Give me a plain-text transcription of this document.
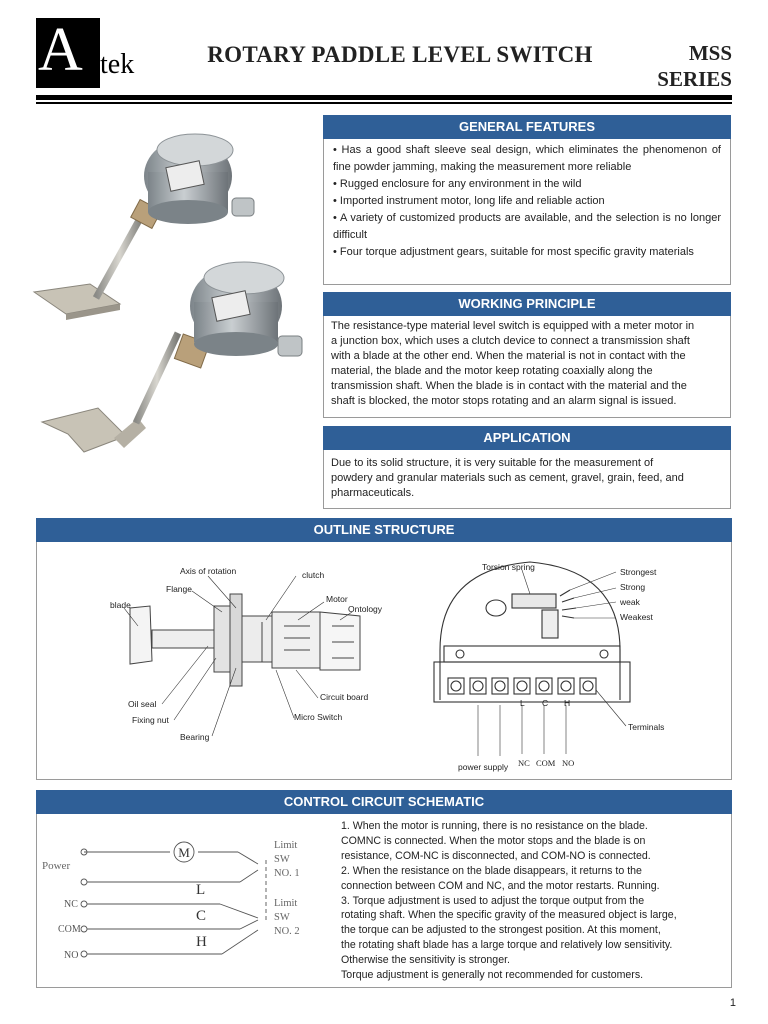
A tek	ROTARY PADDLE LEVEL SWITCH	MSS
SERIES
GENERAL FEATURES
• Has a good shaft sleeve seal design, which eliminates the phenomenon of fine powder jamming, making the measurement more reliable
• Rugged enclosure for any environment in the wild
• Imported instrument motor, long life and reliable action
• A variety of customized products are available, and the selection is no longer difficult
• Four torque adjustment gears, suitable for most specific gravity materials
WORKING PRINCIPLE
The resistance-type material level switch is equipped with a meter motor in
a junction box, which uses a clutch device to connect a transmission shaft
with a blade at the other end. When the material is not in contact with the
material, the blade and the motor keep rotating coaxially along the
transmission shaft. When the blade is in contact with the material and the
shaft is blocked, the motor stops rotating and an alarm signal is issued.
APPLICATION
Due to its solid structure, it is very suitable for the measurement of
powdery and granular materials such as cement, gravel, grain, feed, and
pharmaceuticals.
OUTLINE STRUCTURE
Axis of rotation	clutch
Flange
Motor
blade	Ontology
Oil seal
Circuit board
Fixing nut	Micro Switch
Bearing
Torsion spring	Strongest
Strong
weak
Weakest
L C H
Terminals
power supply NC COM NO
CONTROL CIRCUIT SCHEMATIC
M
Power
NC
COM
NO
L
C
H
Limit
SW
NO. 1
Limit
SW
NO. 2
1. When the motor is running, there is no resistance on the blade.
COMNC is connected. When the motor stops and the blade is on
resistance, COM-NC is disconnected, and COM-NO is connected.
2. When the resistance on the blade disappears, it returns to the
connection between COM and NC, and the motor restarts. Running.
3. Torque adjustment is used to adjust the torque output from the
rotating shaft. When the specific gravity of the measured object is large,
the torque can be adjusted to the strongest position. At this moment,
the rotating shaft blade has a large torque and relatively low sensitivity.
Otherwise the sensitivity is stronger.
Torque adjustment is generally not recommended for customers.
1
